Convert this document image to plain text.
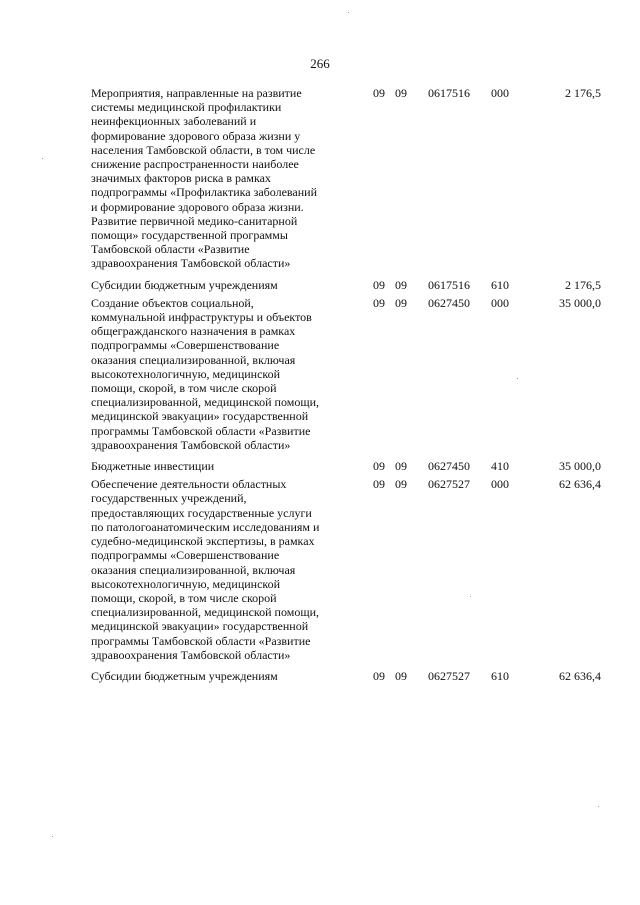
266
Мероприятия, направленные на развитие
системы медицинской профилактики
неинфекционных заболеваний и
формирование здорового образа жизни у
населения Тамбовской области, в том числе
снижение распространенности наиболее
значимых факторов риска в рамках
подпрограммы «Профилактика заболеваний
и формирование здорового образа жизни.
Развитие первичной медико-санитарной
помощи» государственной программы
Тамбовской области «Развитие
здравоохранения Тамбовской области»
09 09 0617516 000	2 176,5
Субсидии бюджетным учреждениям	09 09 0617516 610	2 176,5
Создание объектов социальной,
коммунальной инфраструктуры и объектов
общегражданского назначения в рамках
подпрограммы «Совершенствование
оказания специализированной, включая
высокотехнологичную, медицинской
помощи, скорой, в том числе скорой
специализированной, медицинской помощи,
медицинской эвакуации» государственной
программы Тамбовской области «Развитие
здравоохранения Тамбовской области»
09 09 0627450 000	35 000,0
Бюджетные инвестиции	09 09 0627450 410	35 000,0
Обеспечение деятельности областных
государственных учреждений,
предоставляющих государственные услуги
по патологоанатомическим исследованиям и
судебно-медицинской экспертизы, в рамках
подпрограммы «Совершенствование
оказания специализированной, включая
высокотехнологичную, медицинской
помощи, скорой, в том числе скорой
специализированной, медицинской помощи,
медицинской эвакуации» государственной
программы Тамбовской области «Развитие
здравоохранения Тамбовской области»
09 09 0627527 000	62 636,4
Субсидии бюджетным учреждениям	09 09 0627527 610	62 636,4
